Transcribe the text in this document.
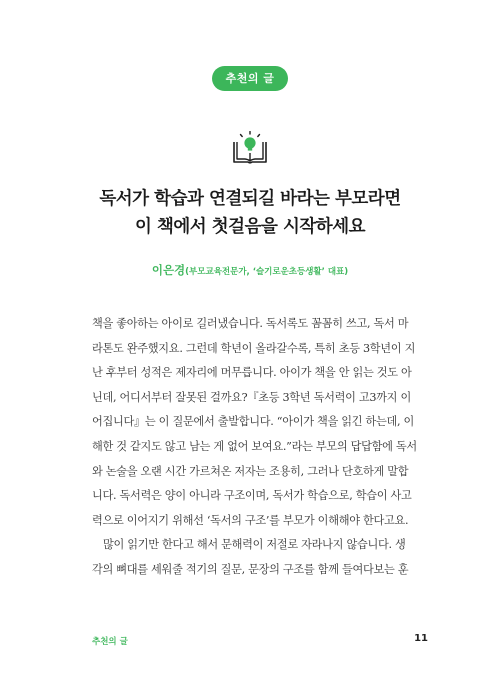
추천의 글
독서가 학습과 연결되길 바라는 부모라면
이 책에서 첫걸음을 시작하세요
이은경(부모교육전문가, ‘슬기로운초등생활’ 대표)
책을 좋아하는 아이로 길러냈습니다. 독서록도 꼼꼼히 쓰고, 독서 마
라톤도 완주했지요. 그런데 학년이 올라갈수록, 특히 초등 3학년이 지
난 후부터 성적은 제자리에 머무릅니다. 아이가 책을 안 읽는 것도 아
닌데, 어디서부터 잘못된 걸까요?『초등 3학년 독서력이 고3까지 이
어집니다』는 이 질문에서 출발합니다. “아이가 책을 읽긴 하는데, 이
해한 것 같지도 않고 남는 게 없어 보여요.”라는 부모의 답답함에 독서
와 논술을 오랜 시간 가르쳐온 저자는 조용히, 그러나 단호하게 말합
니다. 독서력은 양이 아니라 구조이며, 독서가 학습으로, 학습이 사고
력으로 이어지기 위해선 ‘독서의 구조’를 부모가 이해해야 한다고요.
많이 읽기만 한다고 해서 문해력이 저절로 자라나지 않습니다. 생
각의 뼈대를 세워줄 적기의 질문, 문장의 구조를 함께 들여다보는 훈
추천의 글	11
